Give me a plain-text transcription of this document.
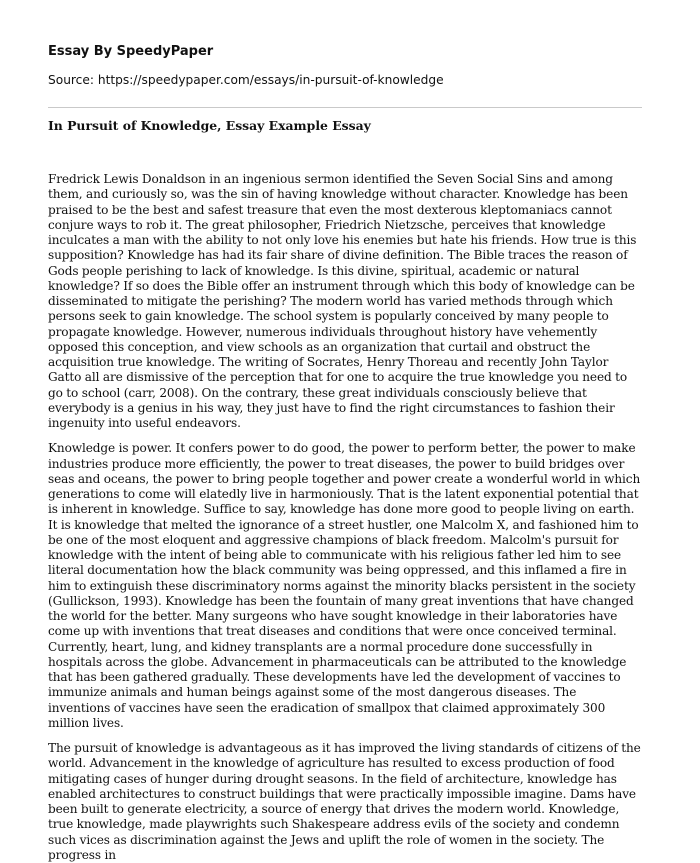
Essay By SpeedyPaper
Source: https://speedypaper.com/essays/in-pursuit-of-knowledge
In Pursuit of Knowledge, Essay Example Essay

Fredrick Lewis Donaldson in an ingenious sermon identified the Seven Social Sins and among them, and curiously so, was the sin of having knowledge without character. Knowledge has been praised to be the best and safest treasure that even the most dexterous kleptomaniacs cannot conjure ways to rob it. The great philosopher, Friedrich Nietzsche, perceives that knowledge inculcates a man with the ability to not only love his enemies but hate his friends. How true is this supposition? Knowledge has had its fair share of divine definition. The Bible traces the reason of Gods people perishing to lack of knowledge. Is this divine, spiritual, academic or natural knowledge? If so does the Bible offer an instrument through which this body of knowledge can be disseminated to mitigate the perishing? The modern world has varied methods through which persons seek to gain knowledge. The school system is popularly conceived by many people to propagate knowledge. However, numerous individuals throughout history have vehemently opposed this conception, and view schools as an organization that curtail and obstruct the acquisition true knowledge. The writing of Socrates, Henry Thoreau and recently John Taylor Gatto all are dismissive of the perception that for one to acquire the true knowledge you need to go to school (carr, 2008). On the contrary, these great individuals consciously believe that everybody is a genius in his way, they just have to find the right circumstances to fashion their ingenuity into useful endeavors.

Knowledge is power. It confers power to do good, the power to perform better, the power to make industries produce more efficiently, the power to treat diseases, the power to build bridges over seas and oceans, the power to bring people together and power create a wonderful world in which generations to come will elatedly live in harmoniously. That is the latent exponential potential that is inherent in knowledge. Suffice to say, knowledge has done more good to people living on earth. It is knowledge that melted the ignorance of a street hustler, one Malcolm X, and fashioned him to be one of the most eloquent and aggressive champions of black freedom. Malcolm's pursuit for knowledge with the intent of being able to communicate with his religious father led him to see literal documentation how the black community was being oppressed, and this inflamed a fire in him to extinguish these discriminatory norms against the minority blacks persistent in the society (Gullickson, 1993). Knowledge has been the fountain of many great inventions that have changed the world for the better. Many surgeons who have sought knowledge in their laboratories have come up with inventions that treat diseases and conditions that were once conceived terminal. Currently, heart, lung, and kidney transplants are a normal procedure done successfully in hospitals across the globe. Advancement in pharmaceuticals can be attributed to the knowledge that has been gathered gradually. These developments have led the development of vaccines to immunize animals and human beings against some of the most dangerous diseases. The inventions of vaccines have seen the eradication of smallpox that claimed approximately 300 million lives.

The pursuit of knowledge is advantageous as it has improved the living standards of citizens of the world. Advancement in the knowledge of agriculture has resulted to excess production of food mitigating cases of hunger during drought seasons. In the field of architecture, knowledge has enabled architectures to construct buildings that were practically impossible imagine. Dams have been built to generate electricity, a source of energy that drives the modern world. Knowledge, true knowledge, made playwrights such Shakespeare address evils of the society and condemn such vices as discrimination against the Jews and uplift the role of women in the society. The progress in
